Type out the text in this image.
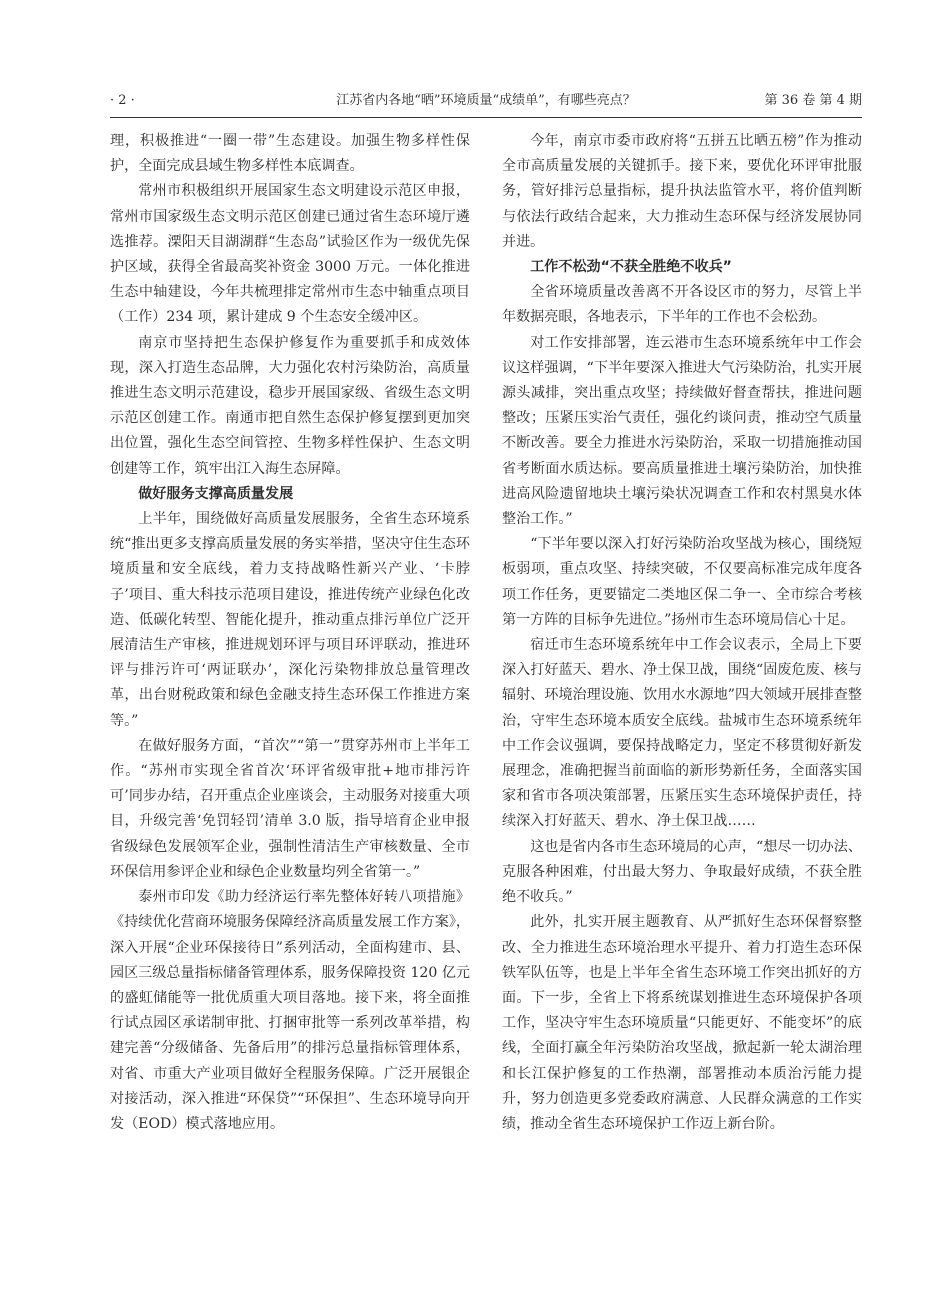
· 2 ·	江苏省内各地“晒”环境质量“成绩单”，有哪些亮点？	第 36 卷 第 4 期

理，积极推进“一圈一带”生态建设。加强生物多样性保护，全面完成县域生物多样性本底调查。

常州市积极组织开展国家生态文明建设示范区申报，常州市国家级生态文明示范区创建已通过省生态环境厅遴选推荐。溧阳天目湖湖群“生态岛”试验区作为一级优先保护区域，获得全省最高奖补资金 3000 万元。一体化推进生态中轴建设，今年共梳理排定常州市生态中轴重点项目（工作）234 项，累计建成 9 个生态安全缓冲区。

南京市坚持把生态保护修复作为重要抓手和成效体现，深入打造生态品牌，大力强化农村污染防治，高质量推进生态文明示范建设，稳步开展国家级、省级生态文明示范区创建工作。南通市把自然生态保护修复摆到更加突出位置，强化生态空间管控、生物多样性保护、生态文明创建等工作，筑牢出江入海生态屏障。

做好服务支撑高质量发展

上半年，围绕做好高质量发展服务，全省生态环境系统“推出更多支撑高质量发展的务实举措，坚决守住生态环境质量和安全底线，着力支持战略性新兴产业、‘卡脖子’项目、重大科技示范项目建设，推进传统产业绿色化改造、低碳化转型、智能化提升，推动重点排污单位广泛开展清洁生产审核，推进规划环评与项目环评联动，推进环评与排污许可‘两证联办’，深化污染物排放总量管理改革，出台财税政策和绿色金融支持生态环保工作推进方案等。”

在做好服务方面，“首次”“第一”贯穿苏州市上半年工作。“苏州市实现全省首次‘环评省级审批+地市排污许可’同步办结，召开重点企业座谈会，主动服务对接重大项目，升级完善‘免罚轻罚’清单 3.0 版，指导培育企业申报省级绿色发展领军企业，强制性清洁生产审核数量、全市环保信用参评企业和绿色企业数量均列全省第一。”

泰州市印发《助力经济运行率先整体好转八项措施》《持续优化营商环境服务保障经济高质量发展工作方案》，深入开展“企业环保接待日”系列活动，全面构建市、县、园区三级总量指标储备管理体系，服务保障投资 120 亿元的盛虹储能等一批优质重大项目落地。接下来，将全面推行试点园区承诺制审批、打捆审批等一系列改革举措，构建完善“分级储备、先备后用”的排污总量指标管理体系，对省、市重大产业项目做好全程服务保障。广泛开展银企对接活动，深入推进“环保贷”“环保担”、生态环境导向开发（EOD）模式落地应用。

今年，南京市委市政府将“五拼五比晒五榜”作为推动全市高质量发展的关键抓手。接下来，要优化环评审批服务，管好排污总量指标，提升执法监管水平，将价值判断与依法行政结合起来，大力推动生态环保与经济发展协同并进。

工作不松劲“不获全胜绝不收兵”

全省环境质量改善离不开各设区市的努力，尽管上半年数据亮眼，各地表示，下半年的工作也不会松劲。

对工作安排部署，连云港市生态环境系统年中工作会议这样强调，“下半年要深入推进大气污染防治，扎实开展源头减排，突出重点攻坚；持续做好督查帮扶，推进问题整改；压紧压实治气责任，强化约谈问责，推动空气质量不断改善。要全力推进水污染防治，采取一切措施推动国省考断面水质达标。要高质量推进土壤污染防治，加快推进高风险遗留地块土壤污染状况调查工作和农村黑臭水体整治工作。”

“下半年要以深入打好污染防治攻坚战为核心，围绕短板弱项，重点攻坚、持续突破，不仅要高标准完成年度各项工作任务，更要锚定二类地区保二争一、全市综合考核第一方阵的目标争先进位。”扬州市生态环境局信心十足。

宿迁市生态环境系统年中工作会议表示，全局上下要深入打好蓝天、碧水、净土保卫战，围绕“固废危废、核与辐射、环境治理设施、饮用水水源地”四大领域开展排查整治，守牢生态环境本质安全底线。盐城市生态环境系统年中工作会议强调，要保持战略定力，坚定不移贯彻好新发展理念，准确把握当前面临的新形势新任务，全面落实国家和省市各项决策部署，压紧压实生态环境保护责任，持续深入打好蓝天、碧水、净土保卫战……

这也是省内各市生态环境局的心声，“想尽一切办法、克服各种困难，付出最大努力、争取最好成绩，不获全胜绝不收兵。”

此外，扎实开展主题教育、从严抓好生态环保督察整改、全力推进生态环境治理水平提升、着力打造生态环保铁军队伍等，也是上半年全省生态环境工作突出抓好的方面。下一步，全省上下将系统谋划推进生态环境保护各项工作，坚决守牢生态环境质量“只能更好、不能变坏”的底线，全面打赢全年污染防治攻坚战，掀起新一轮太湖治理和长江保护修复的工作热潮，部署推动本质治污能力提升，努力创造更多党委政府满意、人民群众满意的工作实绩，推动全省生态环境保护工作迈上新台阶。
